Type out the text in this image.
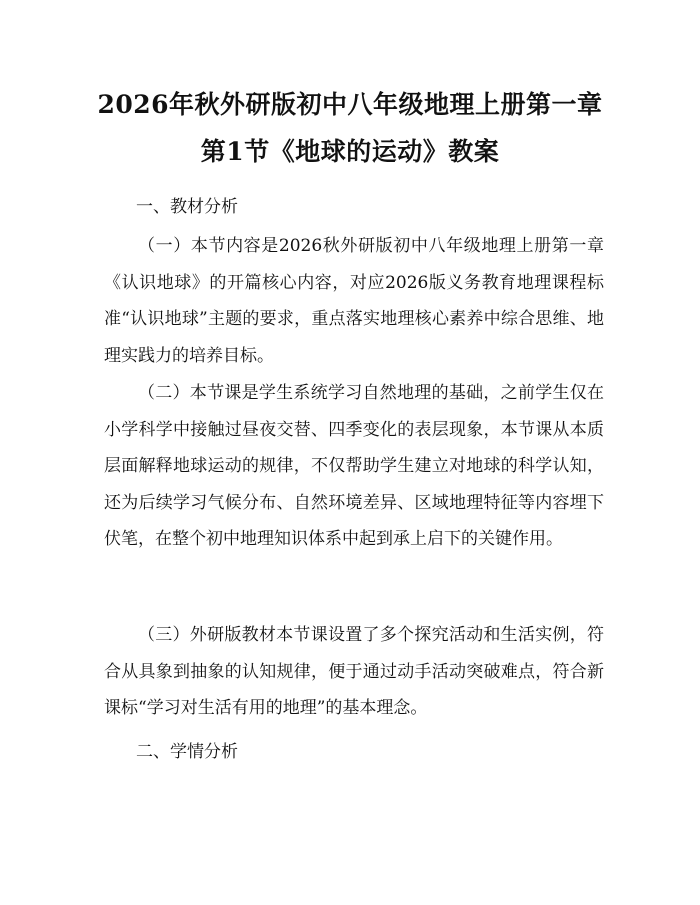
2026年秋外研版初中八年级地理上册第一章
第1节《地球的运动》教案
一、教材分析

（一）本节内容是2026秋外研版初中八年级地理上册第一章《认识地球》的开篇核心内容，对应2026版义务教育地理课程标准“认识地球”主题的要求，重点落实地理核心素养中综合思维、地理实践力的培养目标。

（二）本节课是学生系统学习自然地理的基础，之前学生仅在小学科学中接触过昼夜交替、四季变化的表层现象，本节课从本质层面解释地球运动的规律，不仅帮助学生建立对地球的科学认知，还为后续学习气候分布、自然环境差异、区域地理特征等内容埋下伏笔，在整个初中地理知识体系中起到承上启下的关键作用。

（三）外研版教材本节课设置了多个探究活动和生活实例，符合从具象到抽象的认知规律，便于通过动手活动突破难点，符合新课标“学习对生活有用的地理”的基本理念。

二、学情分析
